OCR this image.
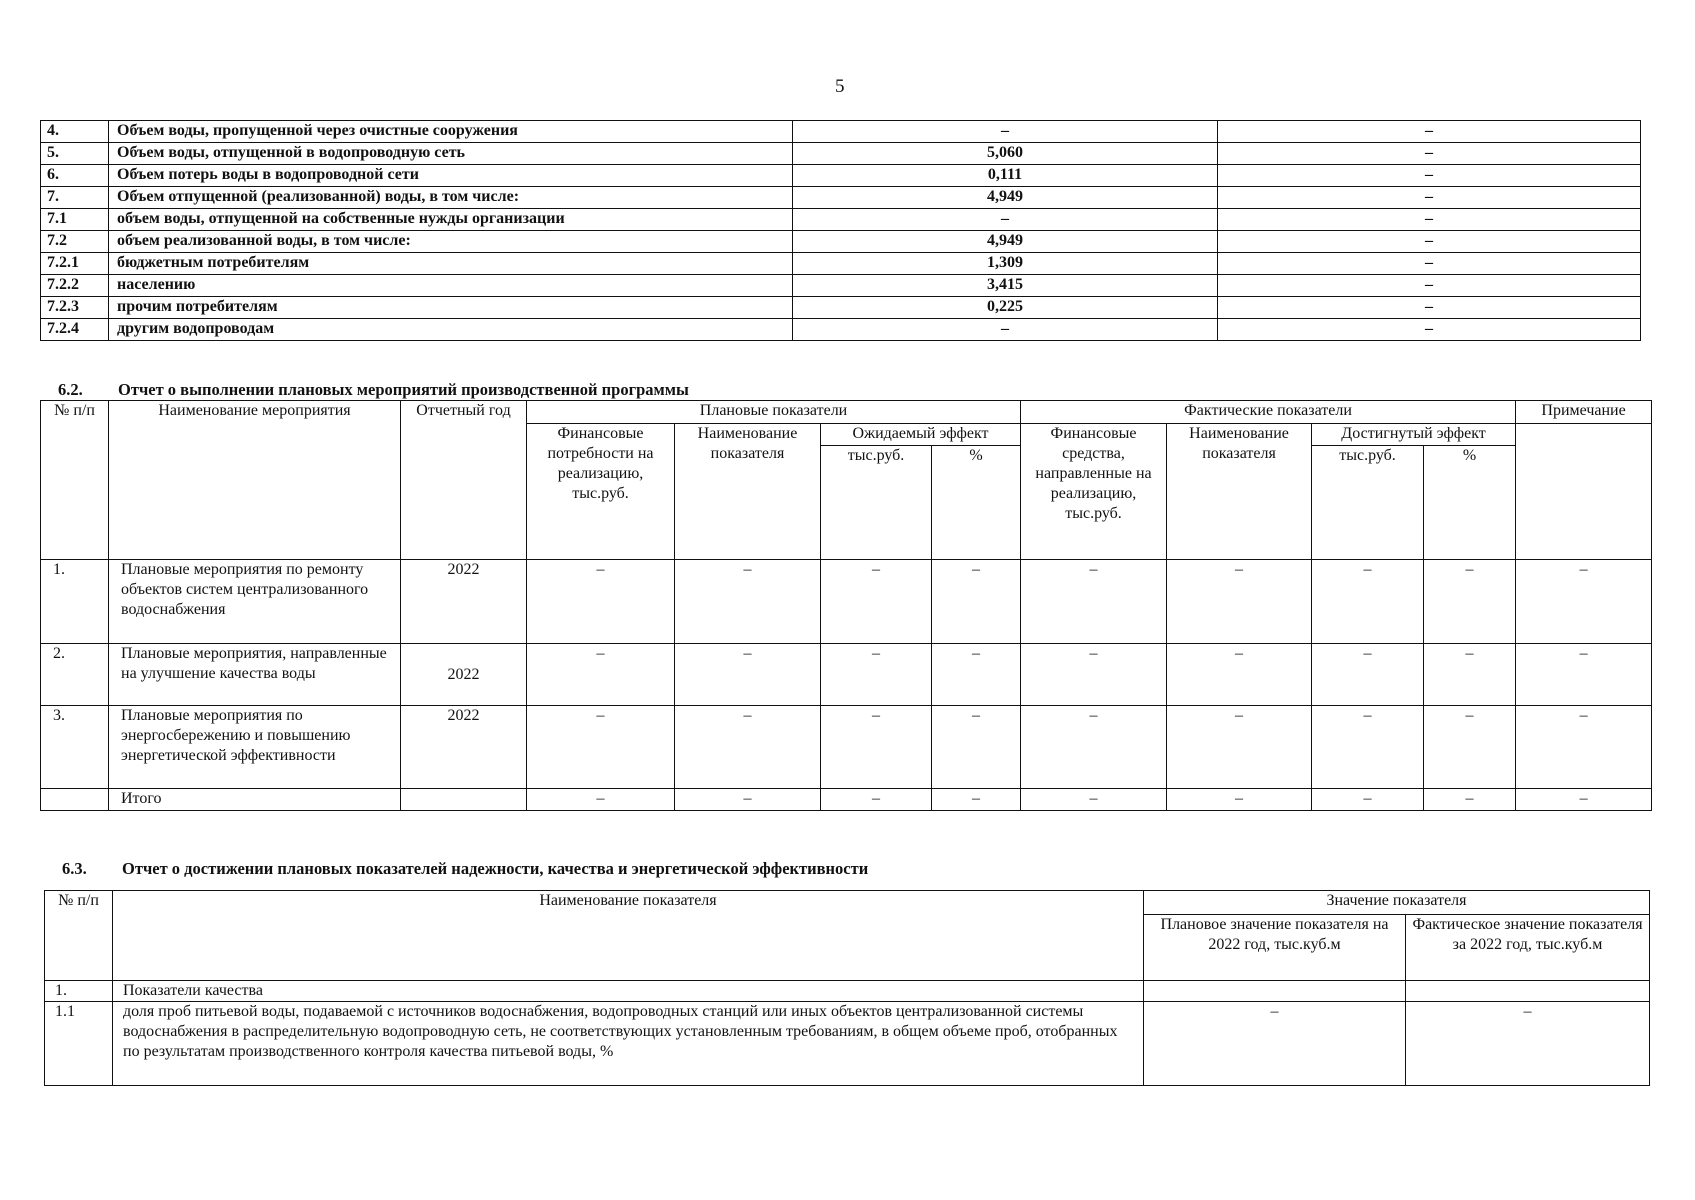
5
4.	Объем воды, пропущенной через очистные сооружения	–	–
5.	Объем воды, отпущенной в водопроводную сеть	5,060	–
6.	Объем потерь воды в водопроводной сети	0,111	–
7.	Объем отпущенной (реализованной) воды, в том числе:	4,949	–
7.1	объем воды, отпущенной на собственные нужды организации	–	–
7.2	объем реализованной воды, в том числе:	4,949	–
7.2.1	бюджетным потребителям	1,309	–
7.2.2	населению	3,415	–
7.2.3	прочим потребителям	0,225	–
7.2.4	другим водопроводам	–	–
6.2. Отчет о выполнении плановых мероприятий производственной программы
№ п/п	Наименование мероприятия	Отчетный год	Плановые показатели				Фактические показатели				Примечание
			Финансовые потребности на реализацию, тыс.руб.	Наименование показателя	Ожидаемый эффект		Финансовые средства, направленные на реализацию, тыс.руб.	Наименование показателя	Достигнутый эффект		
					тыс.руб.	%			тыс.руб.	%	
1.	Плановые мероприятия по ремонту объектов систем централизованного водоснабжения	2022	–	–	–	–	–	–	–	–	–
2.	Плановые мероприятия, направленные на улучшение качества воды	2022	–	–	–	–	–	–	–	–	–
3.	Плановые мероприятия по энергосбережению и повышению энергетической эффективности	2022	–	–	–	–	–	–	–	–	–
	Итого		–	–	–	–	–	–	–	–	–
6.3. Отчет о достижении плановых показателей надежности, качества и энергетической эффективности
№ п/п	Наименование показателя	Значение показателя	
		Плановое значение показателя на 2022 год, тыс.куб.м	Фактическое значение показателя за 2022 год, тыс.куб.м
1.	Показатели качества		
1.1	доля проб питьевой воды, подаваемой с источников водоснабжения, водопроводных станций или иных объектов централизованной системы водоснабжения в распределительную водопроводную сеть, не соответствующих установленным требованиям, в общем объеме проб, отобранных по результатам производственного контроля качества питьевой воды, %	–	–
